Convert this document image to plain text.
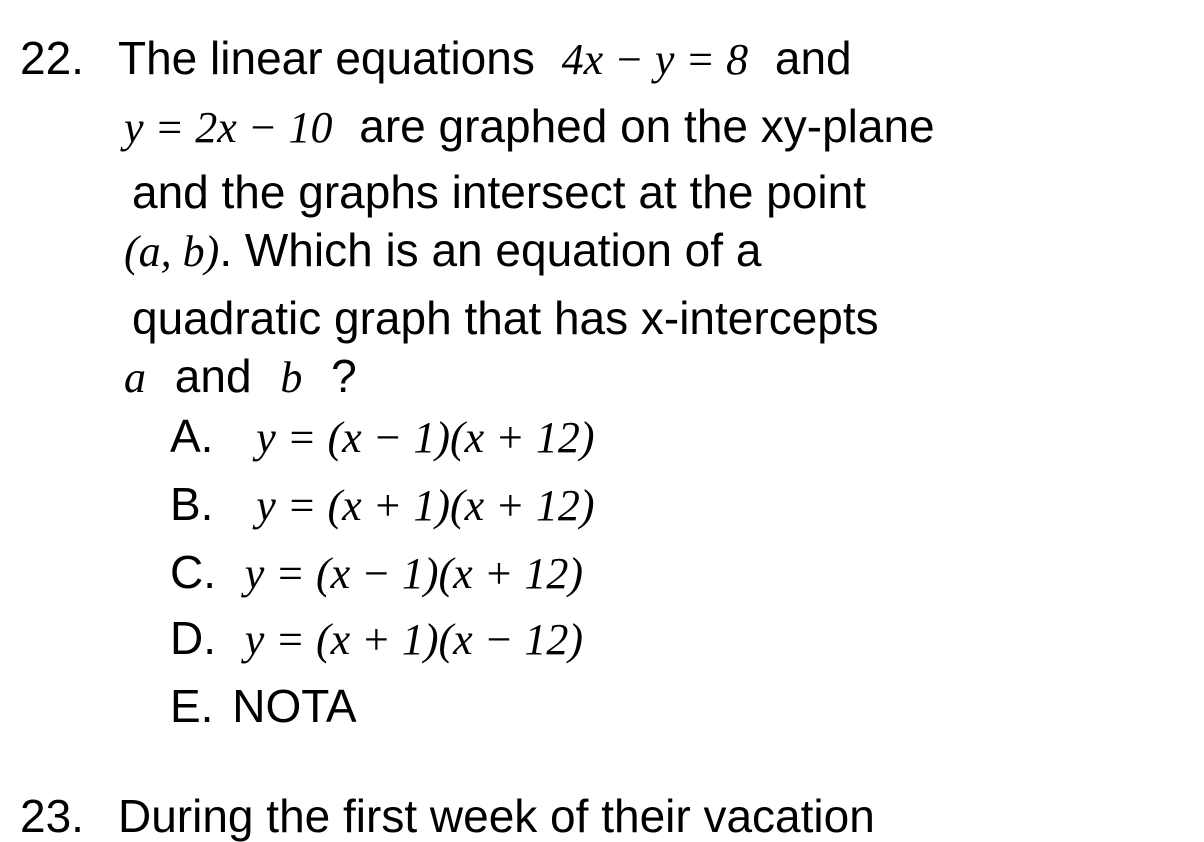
22. The linear equations 4x − y = 8 and
y = 2x − 10 are graphed on the xy-plane
and the graphs intersect at the point
(a, b). Which is an equation of a
quadratic graph that has x-intercepts
a and b ?
A. y = (x − 1)(x + 12)
B. y = (x + 1)(x + 12)
C. y = (x − 1)(x + 12)
D. y = (x + 1)(x − 12)
E. NOTA
23. During the first week of their vacation
